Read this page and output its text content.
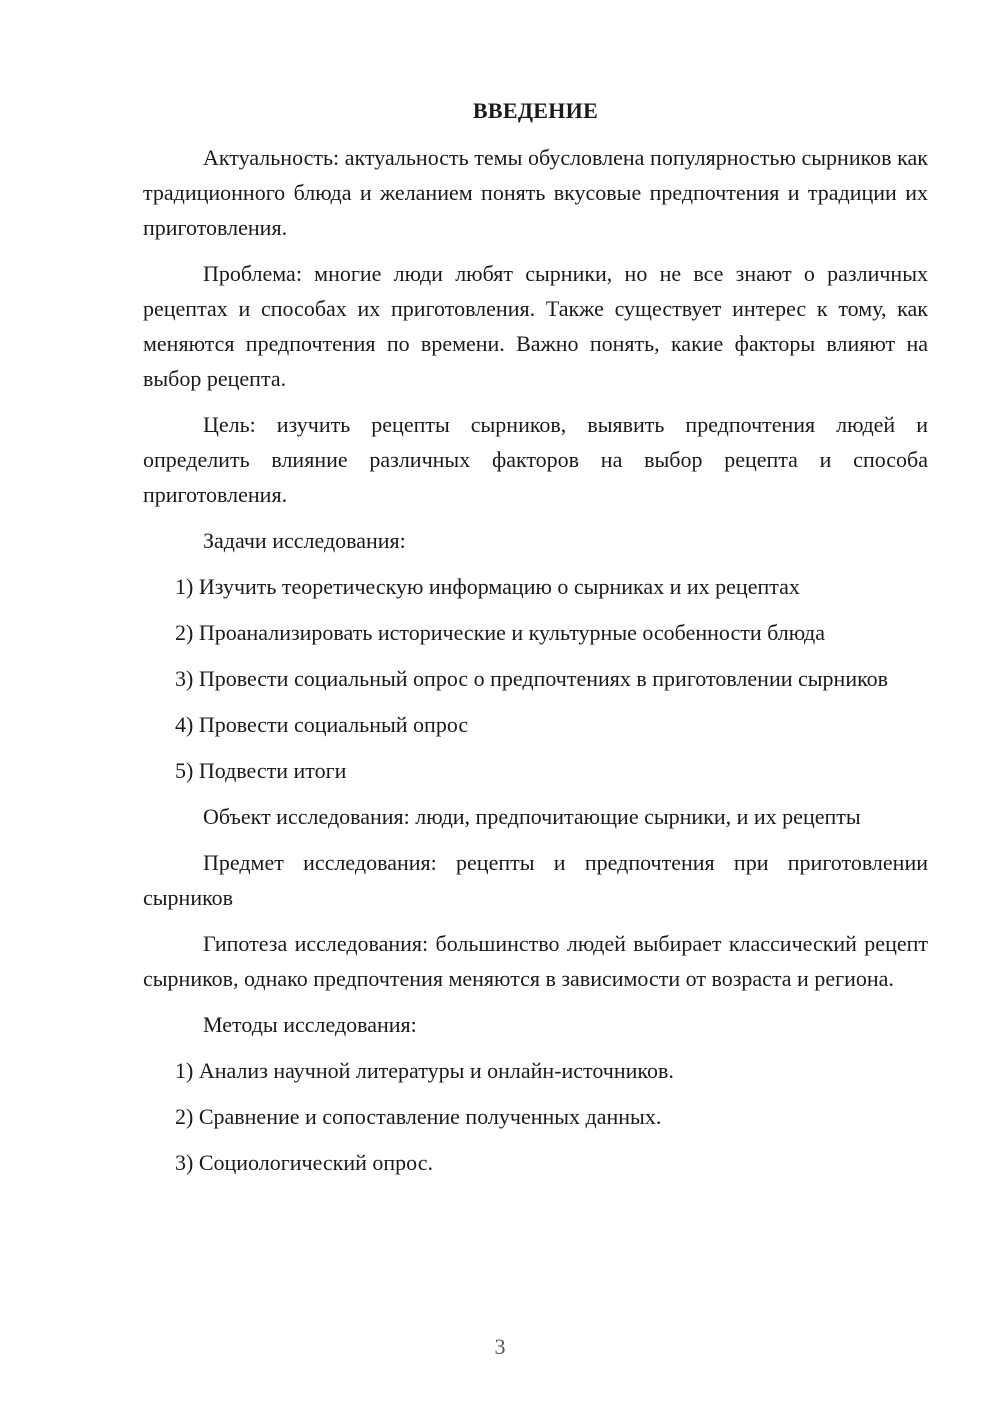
ВВЕДЕНИЕ

Актуальность: актуальность темы обусловлена популярностью сырников как традиционного блюда и желанием понять вкусовые предпочтения и традиции их приготовления.

Проблема: многие люди любят сырники, но не все знают о различных рецептах и способах их приготовления. Также существует интерес к тому, как меняются предпочтения по времени. Важно понять, какие факторы влияют на выбор рецепта.

Цель: изучить рецепты сырников, выявить предпочтения людей и определить влияние различных факторов на выбор рецепта и способа приготовления.

Задачи исследования:

1) Изучить теоретическую информацию о сырниках и их рецептах

2) Проанализировать исторические и культурные особенности блюда

3) Провести социальный опрос о предпочтениях в приготовлении сырников

4) Провести социальный опрос

5) Подвести итоги

Объект исследования: люди, предпочитающие сырники, и их рецепты

Предмет исследования: рецепты и предпочтения при приготовлении сырников

Гипотеза исследования: большинство людей выбирает классический рецепт сырников, однако предпочтения меняются в зависимости от возраста и региона.

Методы исследования:

1) Анализ научной литературы и онлайн-источников.

2) Сравнение и сопоставление полученных данных.

3) Социологический опрос.

3
